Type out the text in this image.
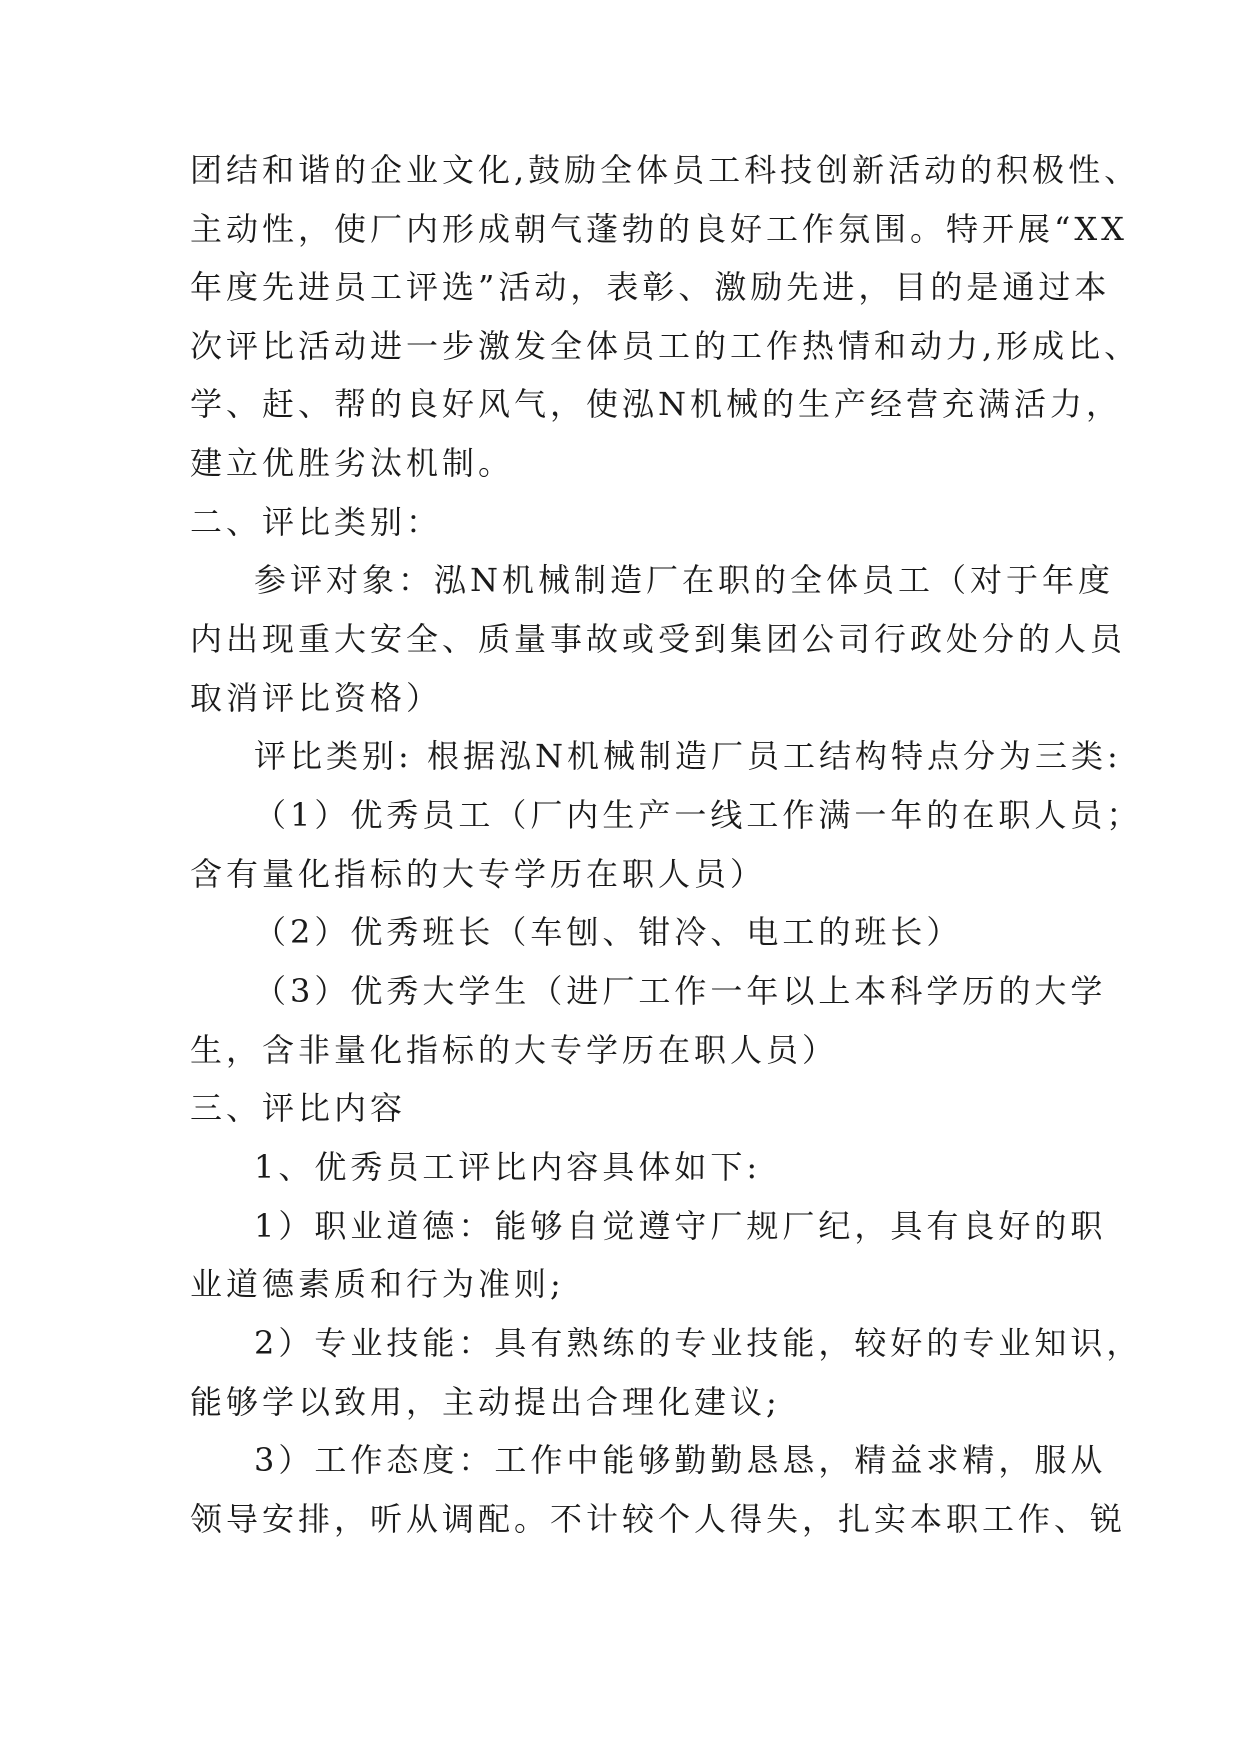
团结和谐的企业文化,鼓励全体员工科技创新活动的积极性、
主动性，使厂内形成朝气蓬勃的良好工作氛围。特开展“XX
年度先进员工评选”活动，表彰、激励先进，目的是通过本
次评比活动进一步激发全体员工的工作热情和动力,形成比、
学、赶、帮的良好风气，使泓N机械的生产经营充满活力，
建立优胜劣汰机制。
二、评比类别：
参评对象：泓N机械制造厂在职的全体员工（对于年度
内出现重大安全、质量事故或受到集团公司行政处分的人员
取消评比资格）
评比类别: 根据泓N机械制造厂员工结构特点分为三类:
（1）优秀员工（厂内生产一线工作满一年的在职人员；
含有量化指标的大专学历在职人员）
（2）优秀班长（车刨、钳冷、电工的班长）
（3）优秀大学生（进厂工作一年以上本科学历的大学
生，含非量化指标的大专学历在职人员）
三、评比内容
1、优秀员工评比内容具体如下:
1）职业道德：能够自觉遵守厂规厂纪，具有良好的职
业道德素质和行为准则;
2）专业技能：具有熟练的专业技能，较好的专业知识，
能够学以致用，主动提出合理化建议;
3）工作态度：工作中能够勤勤恳恳，精益求精，服从
领导安排，听从调配。不计较个人得失，扎实本职工作、锐
